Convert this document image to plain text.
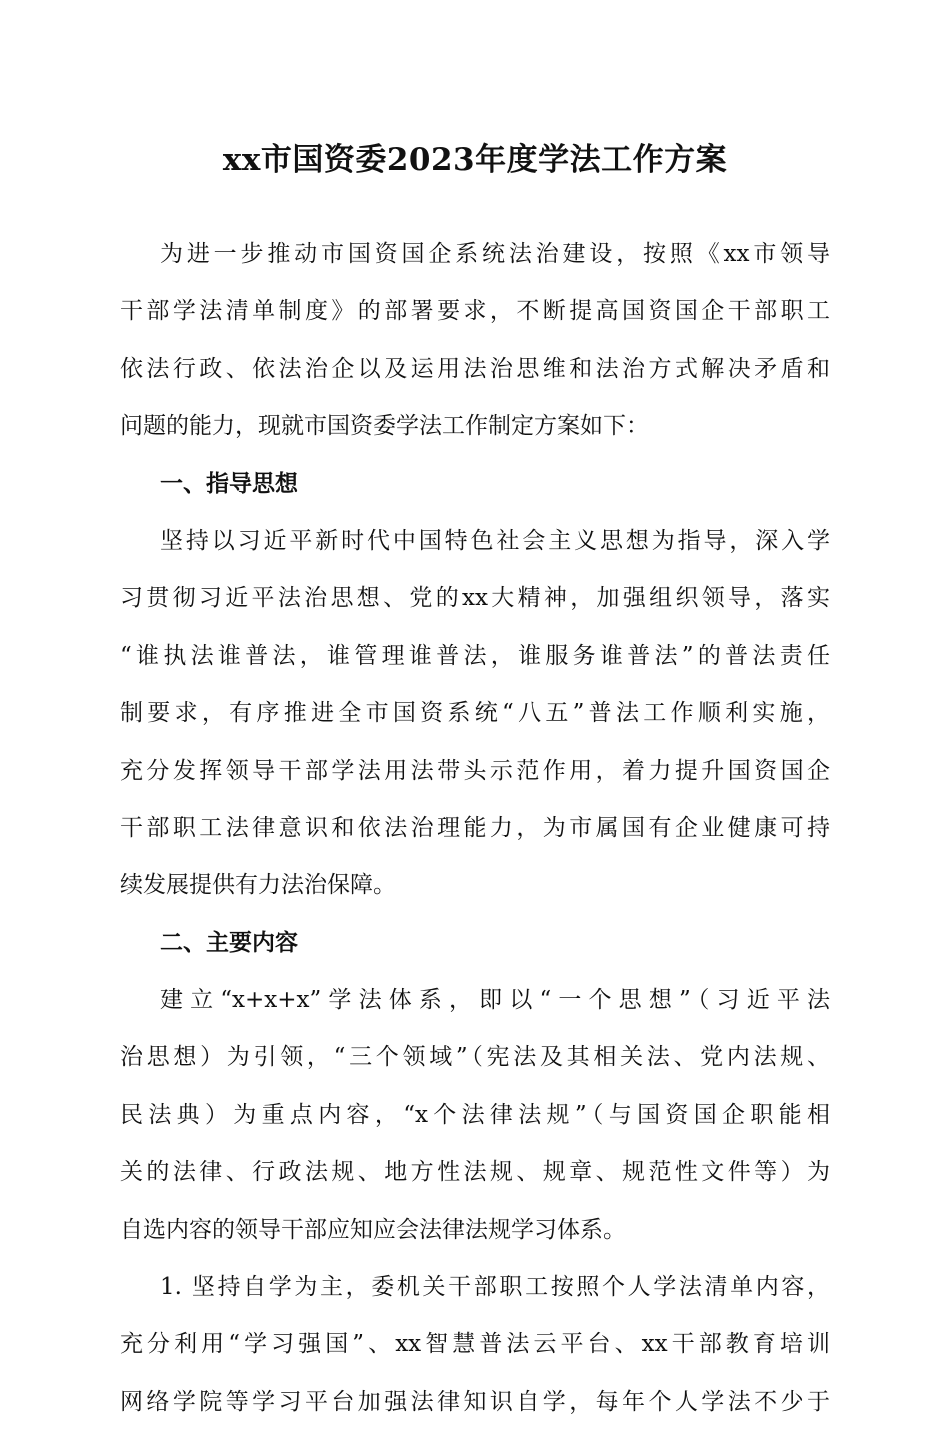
xx市国资委2023年度学法工作方案
为进一步推动市国资国企系统法治建设，按照《xx市领导
干部学法清单制度》的部署要求，不断提高国资国企干部职工
依法行政、依法治企以及运用法治思维和法治方式解决矛盾和
问题的能力，现就市国资委学法工作制定方案如下：
一、指导思想
坚持以习近平新时代中国特色社会主义思想为指导，深入学
习贯彻习近平法治思想、党的xx大精神，加强组织领导，落实
“谁执法谁普法，谁管理谁普法，谁服务谁普法”的普法责任
制要求，有序推进全市国资系统“八五”普法工作顺利实施，
充分发挥领导干部学法用法带头示范作用，着力提升国资国企
干部职工法律意识和依法治理能力，为市属国有企业健康可持
续发展提供有力法治保障。
二、主要内容
建立“x+x+x”学法体系，即以“一个思想”（习近平法
治思想）为引领，“三个领域”（宪法及其相关法、党内法规、
民法典）为重点内容，“x个法律法规”（与国资国企职能相
关的法律、行政法规、地方性法规、规章、规范性文件等）为
自选内容的领导干部应知应会法律法规学习体系。
1. 坚持自学为主，委机关干部职工按照个人学法清单内容，
充分利用“学习强国”、xx智慧普法云平台、xx干部教育培训
网络学院等学习平台加强法律知识自学，每年个人学法不少于
